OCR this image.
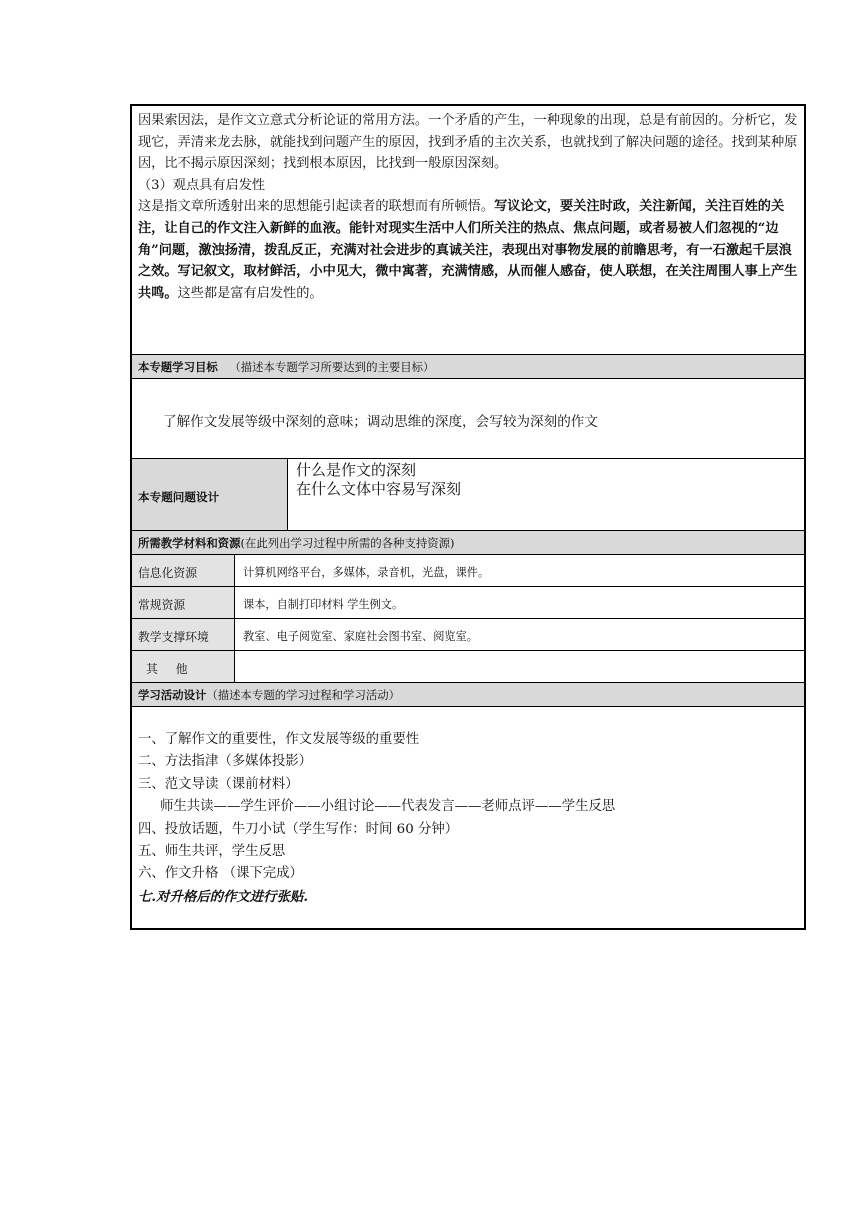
因果索因法，是作文立意式分析论证的常用方法。一个矛盾的产生，一种现象的出现，总是有前因的。分析它，发现它，弄清来龙去脉，就能找到问题产生的原因，找到矛盾的主次关系，也就找到了解决问题的途径。找到某种原因，比不揭示原因深刻；找到根本原因，比找到一般原因深刻。

（3）观点具有启发性

这是指文章所透射出来的思想能引起读者的联想而有所顿悟。写议论文，要关注时政，关注新闻，关注百姓的关注，让自己的作文注入新鲜的血液。能针对现实生活中人们所关注的热点、焦点问题，或者易被人们忽视的“边角”问题，激浊扬清，拨乱反正，充满对社会进步的真诚关注，表现出对事物发展的前瞻思考，有一石激起千层浪之效。写记叙文，取材鲜活，小中见大，微中寓著，充满情感，从而催人感奋，使人联想，在关注周围人事上产生共鸣。这些都是富有启发性的。

本专题学习目标 （描述本专题学习所要达到的主要目标）
了解作文发展等级中深刻的意味；调动思维的深度，会写较为深刻的作文
本专题问题设计
什么是作文的深刻
在什么文体中容易写深刻
所需教学材料和资源(在此列出学习过程中所需的各种支持资源)
信息化资源	计算机网络平台，多媒体，录音机，光盘，课件。
常规资源	课本，自制打印材料 学生例文。
教学支撑环境	教室、电子阅览室、家庭社会图书室、阅览室。
其他
学习活动设计（描述本专题的学习过程和学习活动）
一、了解作文的重要性，作文发展等级的重要性
二、方法指津（多媒体投影）
三、范文导读（课前材料）
师生共读——学生评价——小组讨论——代表发言——老师点评——学生反思
四、投放话题，牛刀小试（学生写作：时间 60 分钟）
五、师生共评，学生反思
六、作文升格 （课下完成）
七.对升格后的作文进行张贴.
